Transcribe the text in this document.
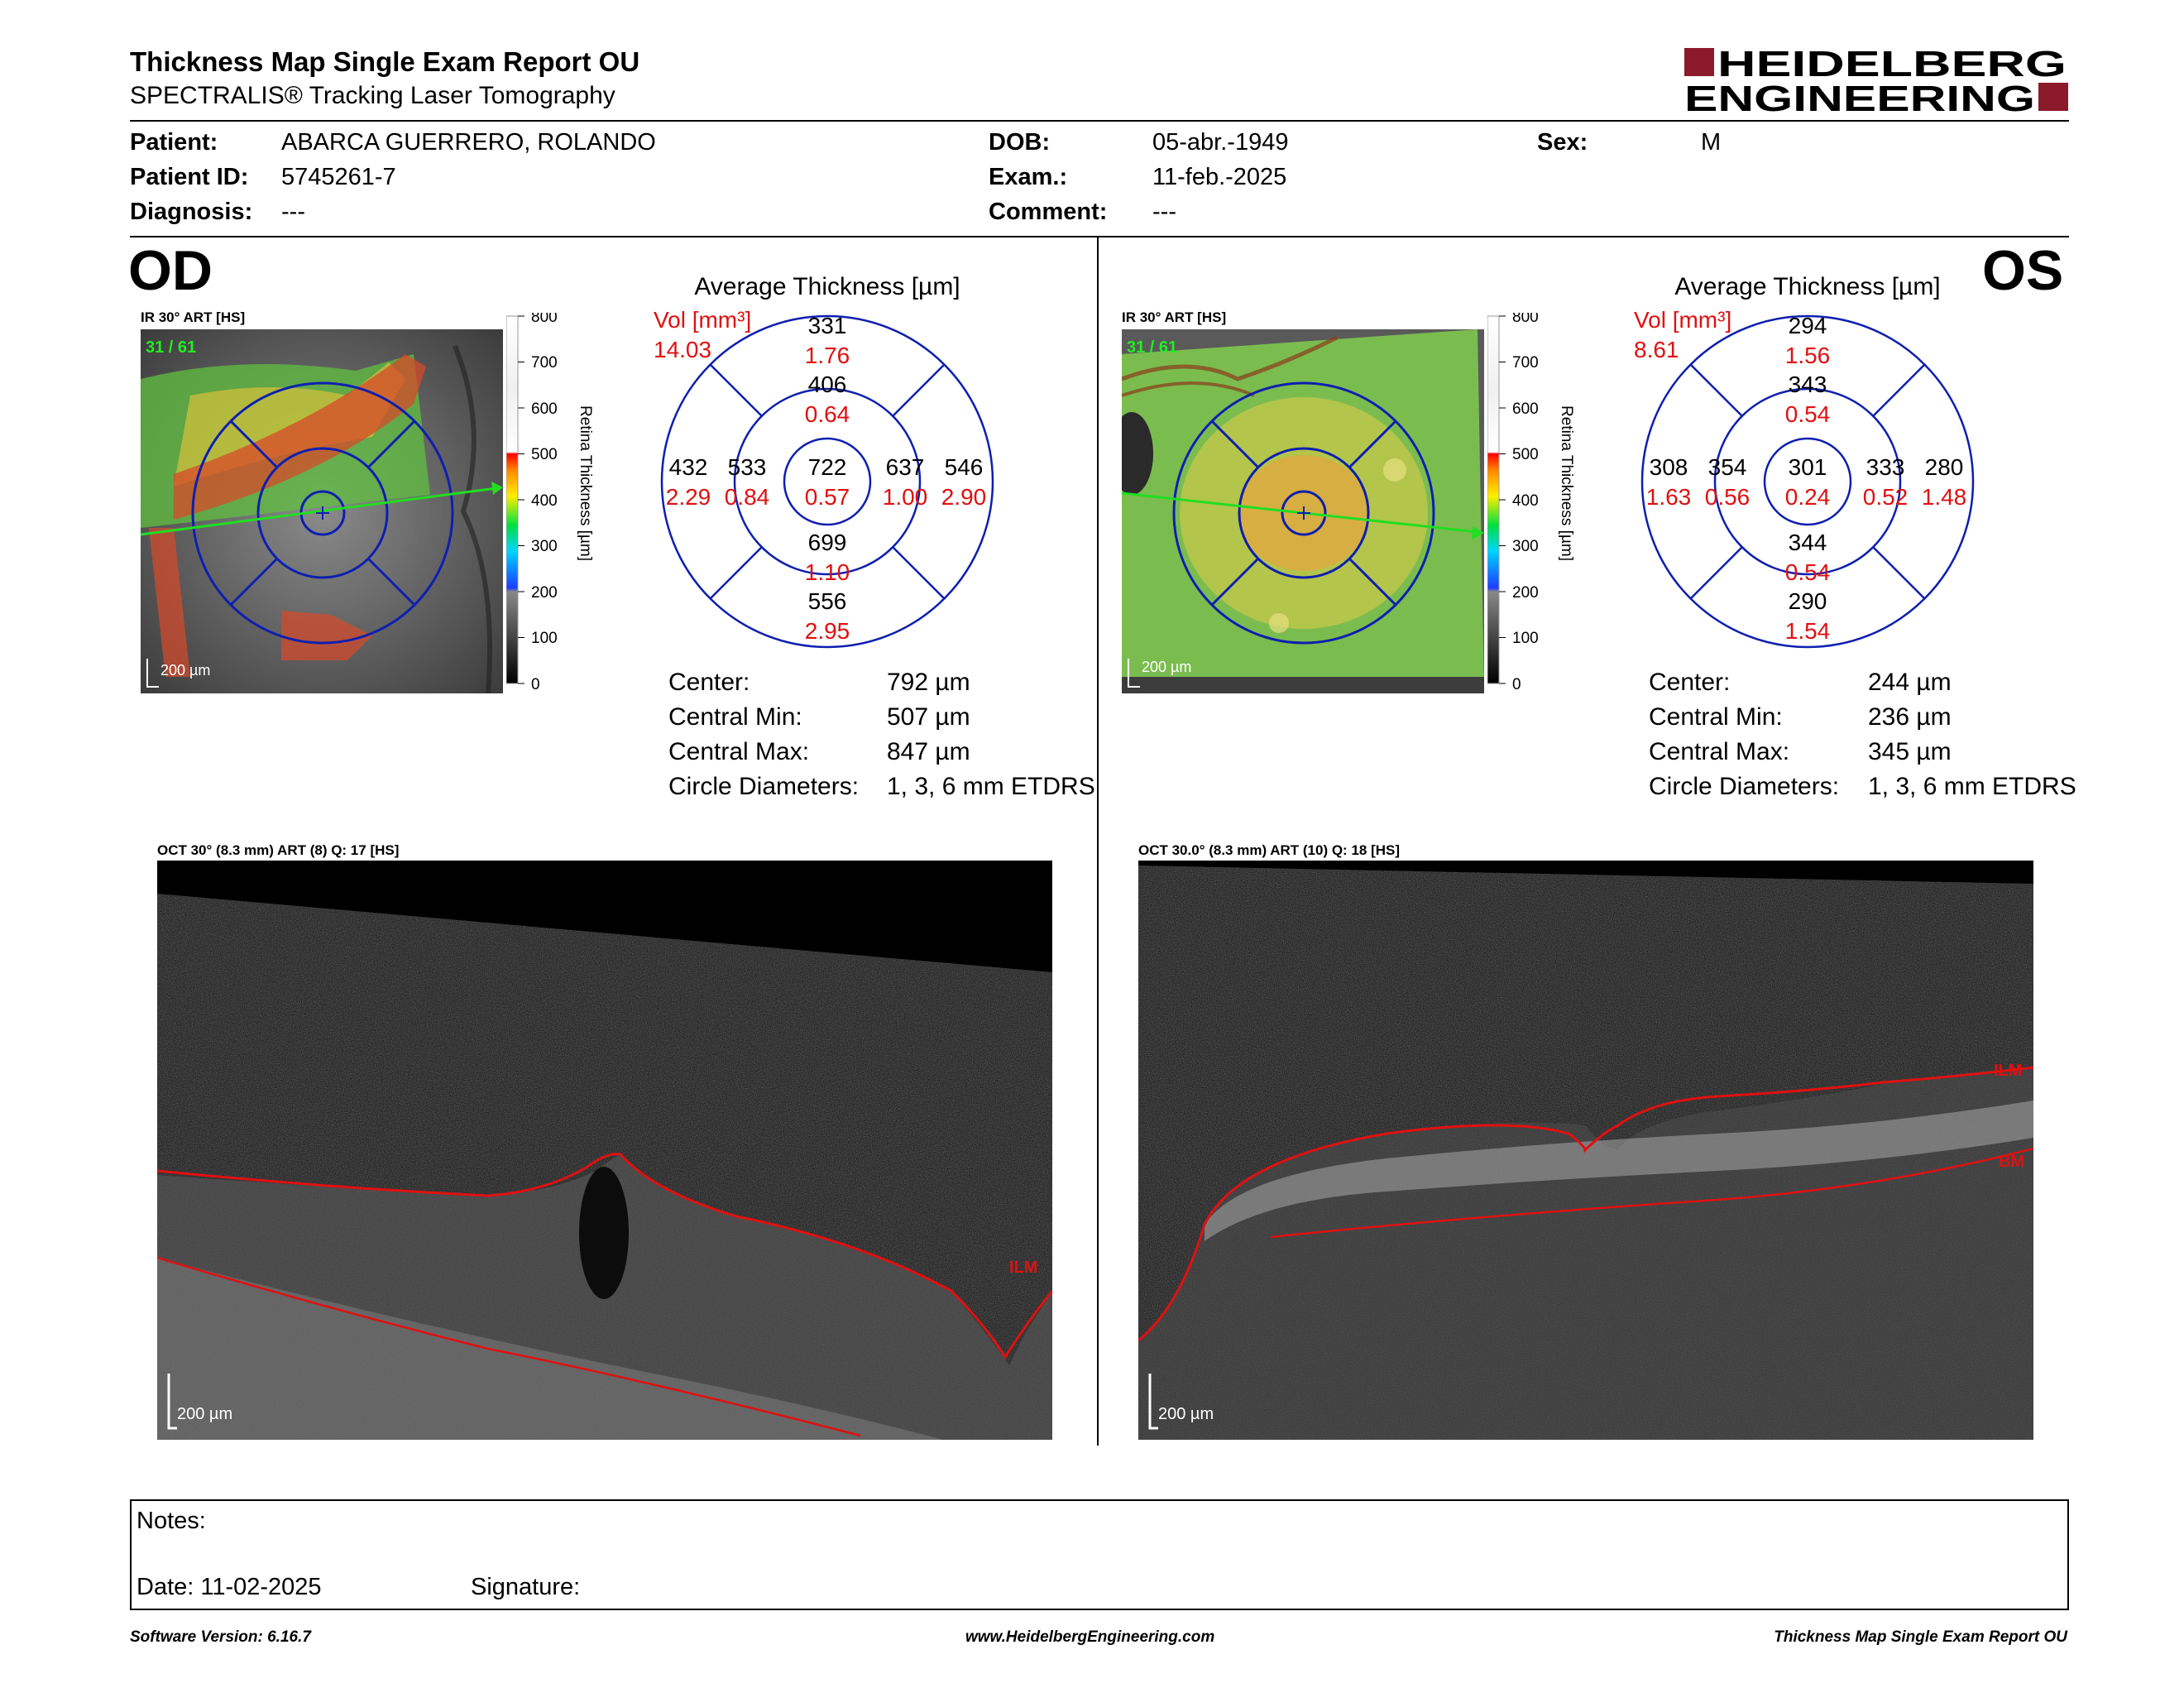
Thickness Map Single Exam Report OU
SPECTRALIS® Tracking Laser Tomography
HEIDELBERG
ENGINEERING
Patient:	ABARCA GUERRERO, ROLANDO
Patient ID: 5745261-7
Diagnosis: ---
DOB:	05-abr.-1949
Exam.:	11-feb.-2025
Comment: ---
Sex:	M
OD	OS
IR 30° ART [HS]
31 / 61
200 µm
800
700
600
500
400
300
200
100
0
Retina Thickness [µm]
Average Thickness [µm]
Vol [mm³]
14.03
331
1.76
406
0.64
722
0.57
432
2.29
533
0.84
637
1.00
546
2.90
699
1.10
556
2.95
Center:	792 µm
Central Min:	507 µm
Central Max:	847 µm
Circle Diameters: 1, 3, 6 mm ETDRS
IR 30° ART [HS]
31 / 61
200 µm
800
700
600
500
400
300
200
100
0
Retina Thickness [µm]
Average Thickness [µm]
Vol [mm³]
8.61
294
1.56
343
0.54
301
0.24
308
1.63
354
0.56
333
0.52
280
1.48
344
0.54
290
1.54
Center:	244 µm
Central Min:	236 µm
Central Max:	345 µm
Circle Diameters: 1, 3, 6 mm ETDRS
OCT 30° (8.3 mm) ART (8) Q: 17 [HS]
ILM
200 µm
OCT 30.0° (8.3 mm) ART (10) Q: 18 [HS]
ILM
BM
200 µm
Notes:
Date: 11-02-2025	Signature:
Software Version: 6.16.7	www.HeidelbergEngineering.com	Thickness Map Single Exam Report OU
